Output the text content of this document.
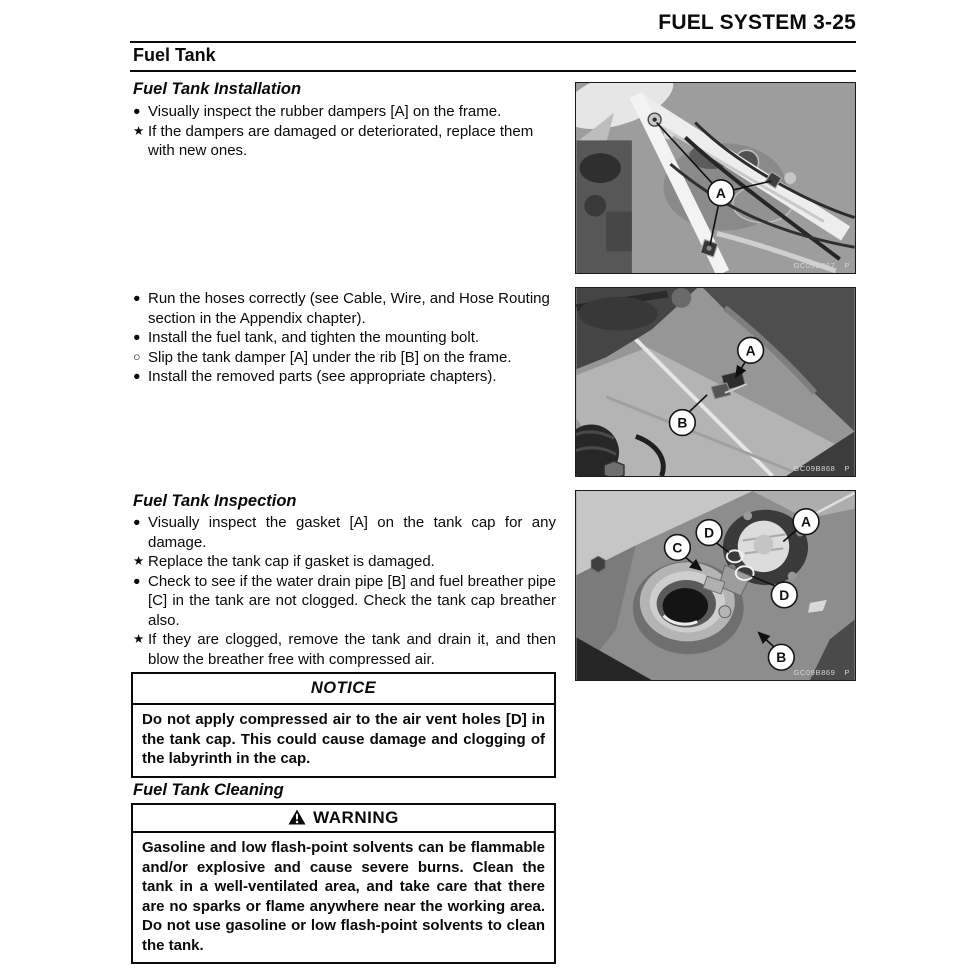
FUEL SYSTEM 3-25
Fuel Tank
Fuel Tank Installation
● Visually inspect the rubber dampers [A] on the frame.
★ If the dampers are damaged or deteriorated, replace them with new ones.
● Run the hoses correctly (see Cable, Wire, and Hose Routing section in the Appendix chapter).
● Install the fuel tank, and tighten the mounting bolt.
○ Slip the tank damper [A] under the rib [B] on the frame.
● Install the removed parts (see appropriate chapters).
Fuel Tank Inspection
● Visually inspect the gasket [A] on the tank cap for any damage.
★ Replace the tank cap if gasket is damaged.
● Check to see if the water drain pipe [B] and fuel breather pipe [C] in the tank are not clogged. Check the tank cap breather also.
★ If they are clogged, remove the tank and drain it, and then blow the breather free with compressed air.
NOTICE
Do not apply compressed air to the air vent holes [D] in the tank cap. This could cause damage and clogging of the labyrinth in the cap.
Fuel Tank Cleaning
WARNING
Gasoline and low flash-point solvents can be flammable and/or explosive and cause severe burns. Clean the tank in a well-ventilated area, and take care that there are no sparks or flame anywhere near the working area. Do not use gasoline or low flash-point solvents to clean the tank.
A
GC09B867 P
A
B
GC09B868 P
A
D
C
D
B
GC09B869 P
